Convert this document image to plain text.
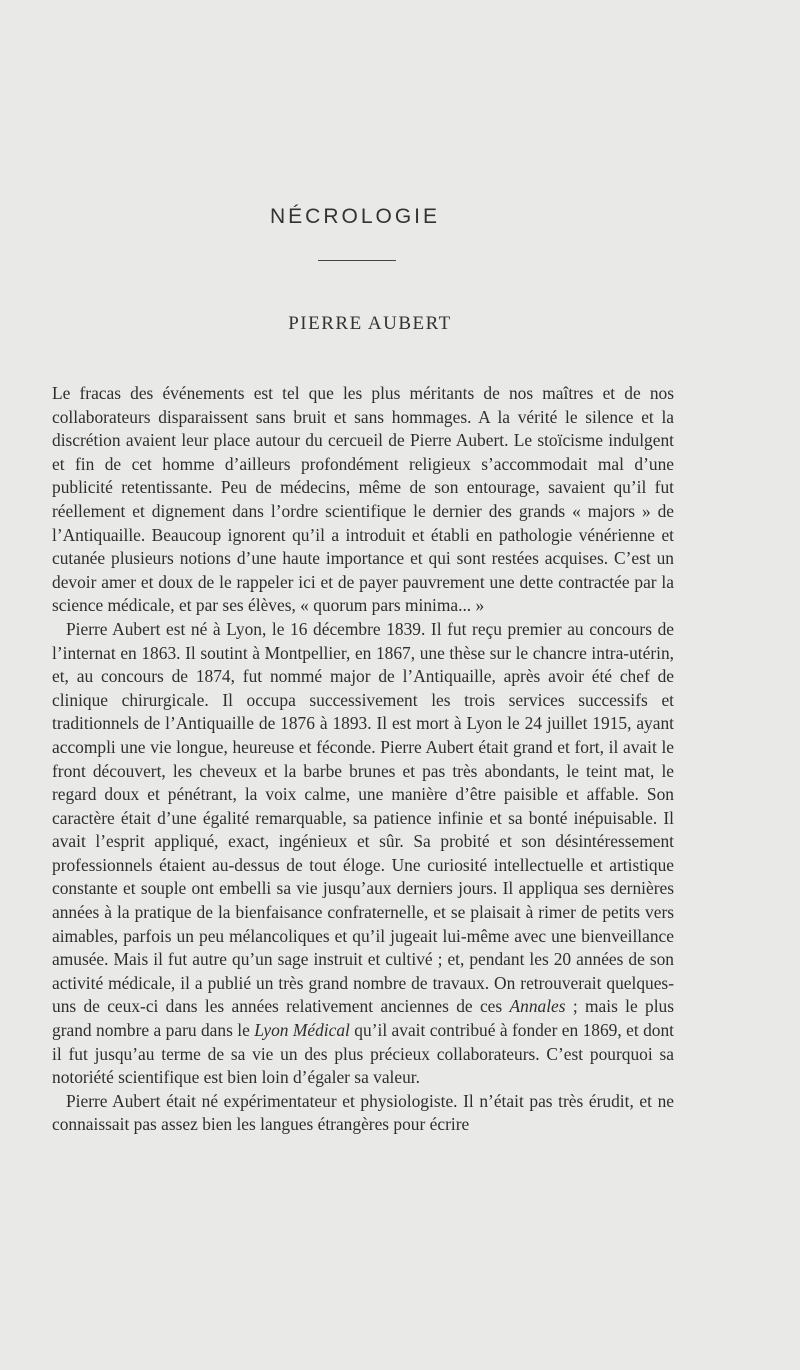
NÉCROLOGIE
PIERRE AUBERT

Le fracas des événements est tel que les plus méritants de nos maîtres et de nos collaborateurs disparaissent sans bruit et sans hommages. A la vérité le silence et la discrétion avaient leur place autour du cercueil de Pierre Aubert. Le stoïcisme indulgent et fin de cet homme d’ailleurs profondément religieux s’accommodait mal d’une publicité retentissante. Peu de médecins, même de son entourage, savaient qu’il fut réellement et dignement dans l’ordre scientifique le dernier des grands « majors » de l’Antiquaille. Beaucoup ignorent qu’il a introduit et établi en pathologie vénérienne et cutanée plusieurs notions d’une haute importance et qui sont restées acquises. C’est un devoir amer et doux de le rappeler ici et de payer pauvrement une dette contractée par la science médicale, et par ses élèves, « quorum pars minima... »

Pierre Aubert est né à Lyon, le 16 décembre 1839. Il fut reçu premier au concours de l’internat en 1863. Il soutint à Montpellier, en 1867, une thèse sur le chancre intra-utérin, et, au concours de 1874, fut nommé major de l’Antiquaille, après avoir été chef de clinique chirurgicale. Il occupa successivement les trois services successifs et traditionnels de l’Antiquaille de 1876 à 1893. Il est mort à Lyon le 24 juillet 1915, ayant accompli une vie longue, heureuse et féconde. Pierre Aubert était grand et fort, il avait le front découvert, les cheveux et la barbe brunes et pas très abondants, le teint mat, le regard doux et pénétrant, la voix calme, une manière d’être paisible et affable. Son caractère était d’une égalité remarquable, sa patience infinie et sa bonté inépuisable. Il avait l’esprit appliqué, exact, ingénieux et sûr. Sa probité et son désintéressement professionnels étaient au-dessus de tout éloge. Une curiosité intellectuelle et artistique constante et souple ont embelli sa vie jusqu’aux derniers jours. Il appliqua ses dernières années à la pratique de la bienfaisance confraternelle, et se plaisait à rimer de petits vers aimables, parfois un peu mélancoliques et qu’il jugeait lui-même avec une bienveillance amusée. Mais il fut autre qu’un sage instruit et cultivé ; et, pendant les 20 années de son activité médicale, il a publié un très grand nombre de travaux. On retrouverait quelques-uns de ceux-ci dans les années relativement anciennes de ces Annales ; mais le plus grand nombre a paru dans le Lyon Médical qu’il avait contribué à fonder en 1869, et dont il fut jusqu’au terme de sa vie un des plus précieux collaborateurs. C’est pourquoi sa notoriété scientifique est bien loin d’égaler sa valeur.

Pierre Aubert était né expérimentateur et physiologiste. Il n’était pas très érudit, et ne connaissait pas assez bien les langues étrangères pour écrire
